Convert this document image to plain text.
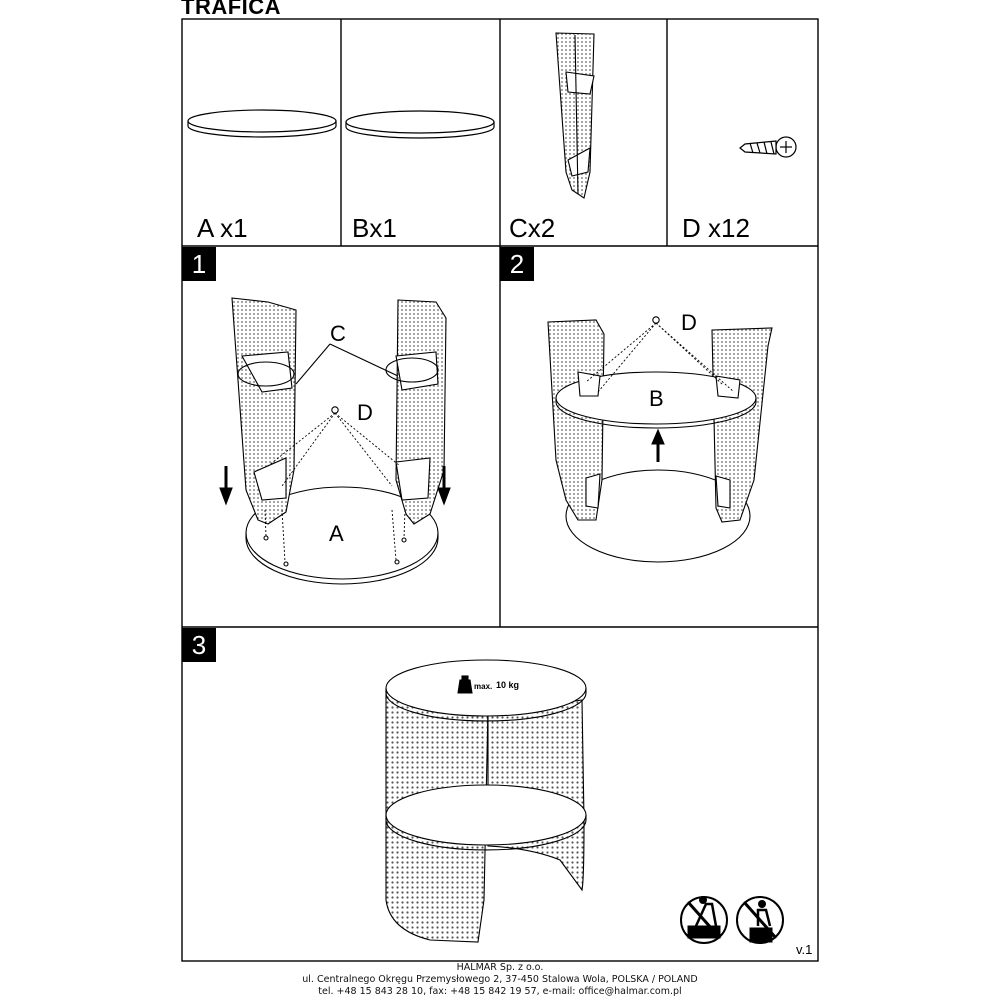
TRAFICA
A x1	Bx1	Cx2	D x12
1	2
3
C
D
A
D
B
max. 10 kg
v.1
HALMAR Sp. z o.o.
ul. Centralnego Okręgu Przemysłowego 2, 37-450 Stalowa Wola, POLSKA / POLAND
tel. +48 15 843 28 10, fax: +48 15 842 19 57, e-mail: office@halmar.com.pl
